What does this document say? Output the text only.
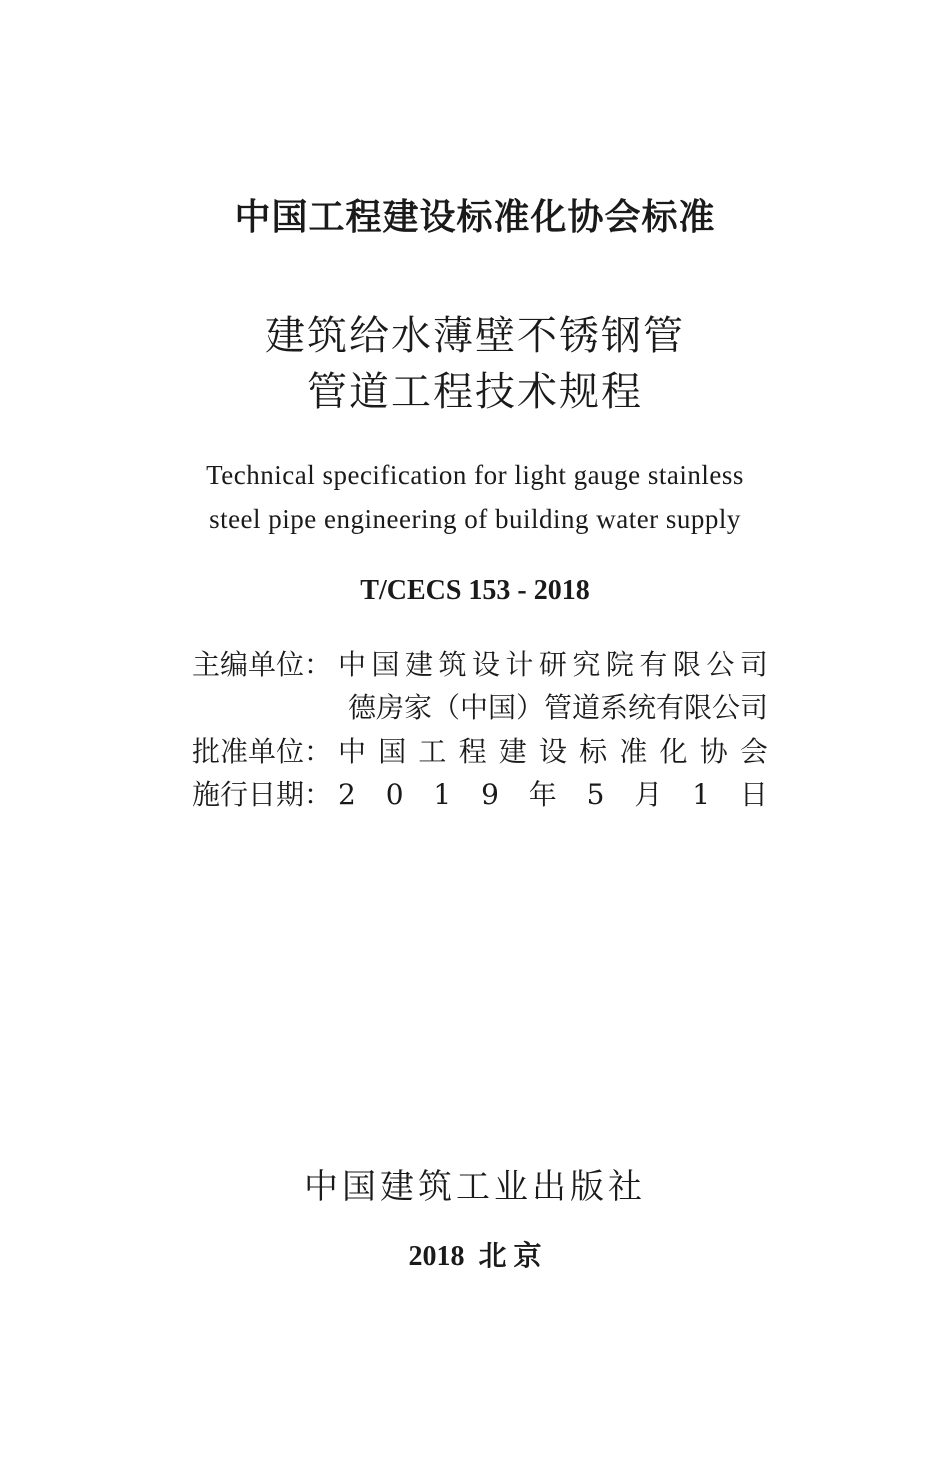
中国工程建设标准化协会标准
建筑给水薄壁不锈钢管
管道工程技术规程
Technical specification for light gauge stainless
steel pipe engineering of building water supply
T/CECS 153 - 2018
主编单位： 中 国 建 筑 设 计 研 究 院 有 限 公 司
德房家（中国）管道系统有限公司
批准单位： 中 国 工 程 建 设 标 准 化 协 会
施行日期： 2 0 1 9 年 5 月 1 日
中国建筑工业出版社
2018 北 京
